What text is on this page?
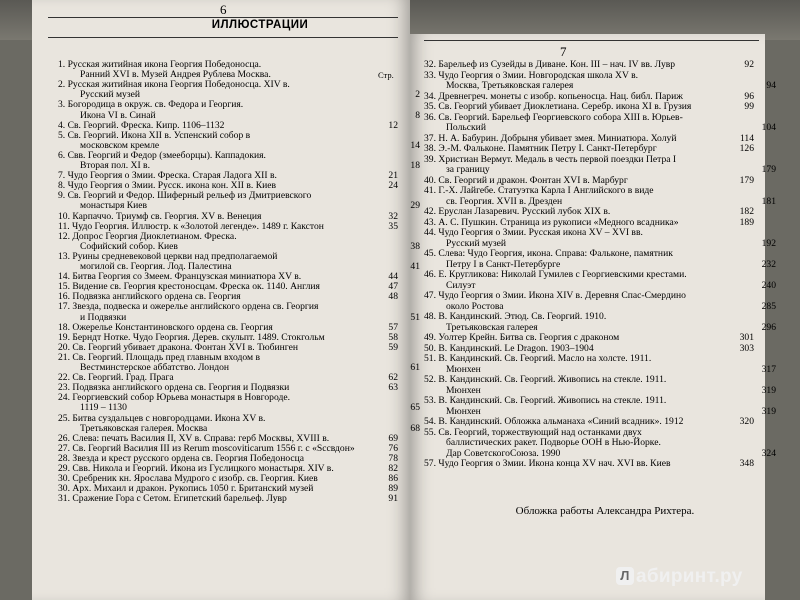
6
ИЛЛЮСТРАЦИИ
Стр.
1. Русская житийная икона Георгия Победоносца.
Ранний XVI в. Музей Андрея Рублева Москва.
2. Русская житийная икона Георгия Победоносца. XIV в.
Русский музей	2
3. Богородица в окруж. св. Федора и Георгия.
Икона VI в. Синай	8
4. Св. Георгий. Фреска. Кипр. 1106–1132	12
5. Св. Георгий. Икона XII в. Успенский собор в
московском кремле	14
6. Свв. Георгий и Федор (змееборцы). Каппадокия.
Вторая пол. XI в.	18
7. Чудо Георгия о Змии. Фреска. Старая Ладога XII в.	21
8. Чудо Георгия о Змии. Русск. икона кон. XII в. Киев	24
9. Св. Георгий и Федор. Шиферный рельеф из Дмитриевского
монастыря Киев	29
10. Карпаччо. Триумф св. Георгия. XV в. Венеция	32
11. Чудо Георгия. Иллюстр. к «Золотой легенде». 1489 г. Какстон	35
12. Допрос Георгия Диоклетианом. Фреска.
Софийский собор. Киев	38
13. Руины средневековой церкви над предполагаемой
могилой св. Георгия. Лод. Палестина	41
14. Битва Георгия со Змеем. Французская миниатюра XV в.	44
15. Видение св. Георгия крестоносцам. Фреска ок. 1140. Англия	47
16. Подвязка английского ордена св. Георгия	48
17. Звезда, подвеска и ожерелье английского ордена св. Георгия
и Подвязки	51
18. Ожерелье Константиновского ордена св. Георгия	57
19. Берндт Нотке. Чудо Георгия. Дерев. скульпт. 1489. Стокгольм	58
20. Св. Георгий убивает дракона. Фонтан XVI в. Тюбинген	59
21. Св. Георгий. Площадь пред главным входом в
Вестминстерское аббатство. Лондон	61
22. Св. Георгий. Град. Прага	62
23. Подвязка английского ордена св. Георгия и Подвязки	63
24. Георгиевский собор Юрьева монастыря в Новгороде.
1119 – 1130	65
25. Битва суздальцев с новгородцами. Икона XV в.
Третьяковская галерея. Москва	68
26. Слева: печать Василия II, XV в. Справа: герб Москвы, XVIII в.	69
27. Св. Георгий Василия III из Rerum moscoviticarum 1556 г. с «Sссвдон»	76
28. Звезда и крест русского ордена св. Георгия Победоносца	78
29. Свв. Никола и Георгий. Икона из Гуслицкого монастыря. XIV в.	82
30. Сребреник кн. Ярослава Мудрого с изобр. св. Георгия. Киев	86
30. Арх. Михаил и дракон. Рукопись 1050 г. Британский музей	89
31. Сражение Гора с Сетом. Египетский барельеф. Лувр	91
7
32. Барельеф из Сузейды в Диване. Кон. III – нач. IV вв. Лувр	92
33. Чудо Георгия о Змии. Новгородская школа XV в.
Москва, Третьяковская галерея	94
34. Древнегреч. монеты с изобр. копьеносца. Нац. библ. Париж	96
35. Св. Георгий убивает Диоклетиана. Серебр. икона XI в. Грузия	99
36. Св. Георгий. Барельеф Георгиевского собора XIII в. Юрьев-
Польский	104
37. Н. А. Бабурин. Добрыня убивает змея. Миниатюра. Холуй	114
38. Э.-М. Фальконе. Памятник Петру I. Санкт-Петербург	126
39. Христиан Вермут. Медаль в честь первой поездки Петра I
за границу	179
40. Св. Георгий и дракон. Фонтан XVI в. Марбург	179
41. Г.-Х. Лайгебе. Статуэтка Карла I Английского в виде
св. Георгия. XVII в. Дрезден	181
42. Еруслан Лазаревич. Русский лубок XIX в.	182
43. А. С. Пушкин. Страница из рукописи «Медного всадника»	189
44. Чудо Георгия о Змии. Русская икона XV – XVI вв.
Русский музей	192
45. Слева: Чудо Георгия, икона. Справа: Фальконе, памятник
Петру I в Санкт-Петербурге	232
46. Е. Кругликова: Николай Гумилев с Георгиевскими крестами.
Силуэт	240
47. Чудо Георгия о Змии. Икона XIV в. Деревня Спас-Смердино
около Ростова	285
48. В. Кандинский. Этюд. Св. Георгий. 1910.
Третьяковская галерея	296
49. Уолтер Крейн. Битва св. Георгия с драконом	301
50. В. Кандинский. Le Dragon. 1903–1904	303
51. В. Кандинский. Св. Георгий. Масло на холсте. 1911.
Мюнхен	317
52. В. Кандинский. Св. Георгий. Живопись на стекле. 1911.
Мюнхен	319
53. В. Кандинский. Св. Георгий. Живопись на стекле. 1911.
Мюнхен	319
54. В. Кандинский. Обложка альманаха «Синий всадник». 1912	320
55. Св. Георгий, торжествующий над останками двух
баллистических ракет. Подворье ООН в Нью-Йорке.
Дар СоветскогоСоюза. 1990	324
57. Чудо Георгия о Змии. Икона конца XV нач. XVI вв. Киев	348
Обложка работы Александра Рихтера.
Л абиринт.ру
